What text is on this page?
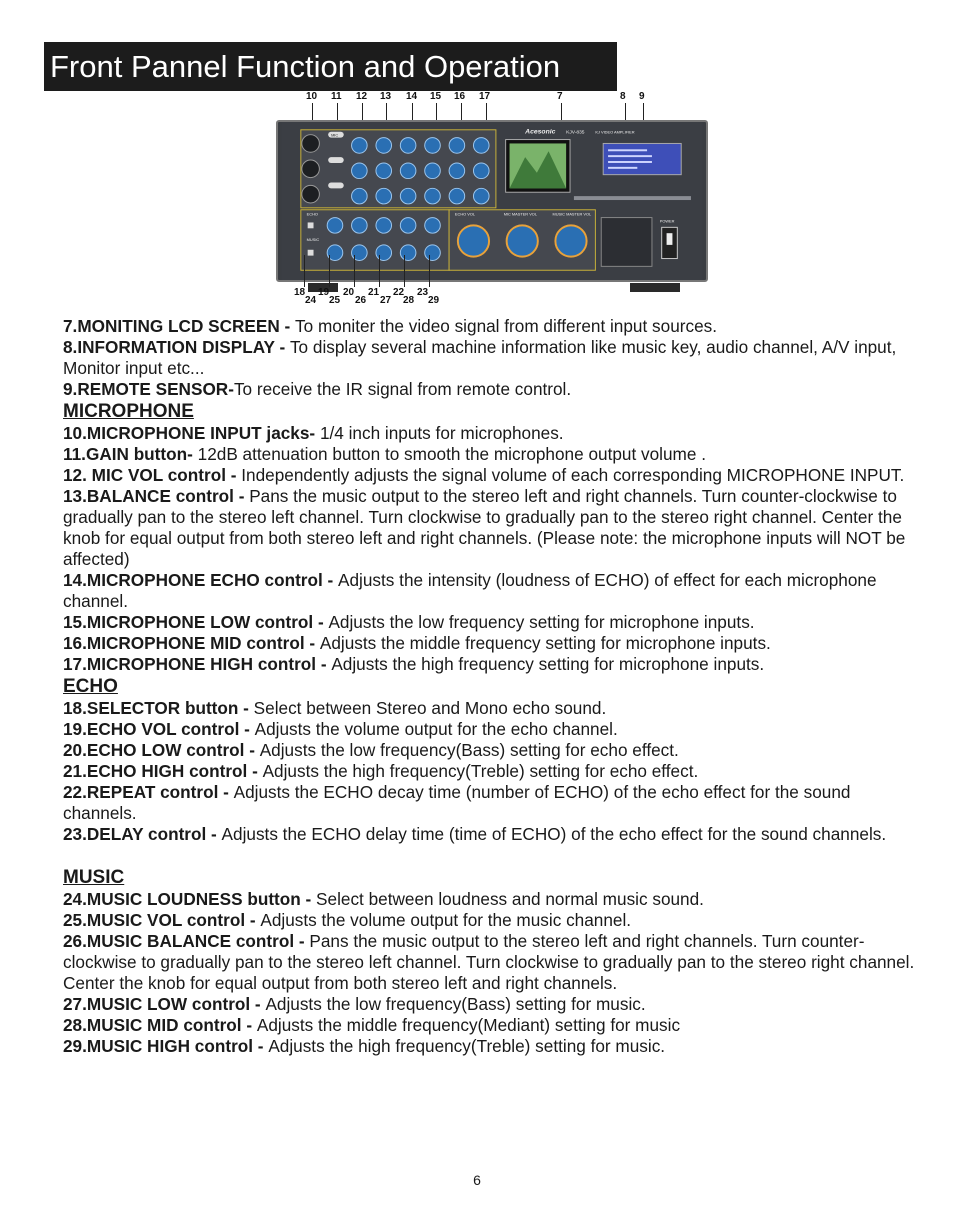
Front Pannel Function and Operation
10 11 12 13 14 15 16 17	7	8 9
MIC	Acesonic KJV-835	KJ VIDEO AMPLIFIER
ECHO
MUSIC
ECHO VOL	MIC MASTER VOL	MUSIC MASTER VOL
POWER
18 19 20 21 22 23
24 25 26 27 28 29

7.MONITING LCD SCREEN - To moniter the video signal from different input sources.

8.INFORMATION DISPLAY - To display several machine information like music key, audio channel, A/V input, Monitor input etc...

9.REMOTE SENSOR-To receive the IR signal from remote control.

MICROPHONE

10.MICROPHONE INPUT jacks- 1/4 inch inputs for microphones.

11.GAIN button- 12dB attenuation button to smooth the microphone output volume .

12. MIC VOL control - Independently adjusts the signal volume of each corresponding MICROPHONE INPUT.

13.BALANCE control - Pans the music output to the stereo left and right channels. Turn counter-clockwise to gradually pan to the stereo left channel. Turn clockwise to gradually pan to the stereo right channel. Center the knob for equal output from both stereo left and right channels. (Please note: the microphone inputs will NOT be affected)

14.MICROPHONE ECHO control - Adjusts the intensity (loudness of ECHO) of effect for each microphone channel.

15.MICROPHONE LOW control - Adjusts the low frequency setting for microphone inputs.

16.MICROPHONE MID control - Adjusts the middle frequency setting for microphone inputs.

17.MICROPHONE HIGH control - Adjusts the high frequency setting for microphone inputs.

ECHO

18.SELECTOR button - Select between Stereo and Mono echo sound.

19.ECHO VOL control - Adjusts the volume output for the echo channel.

20.ECHO LOW control - Adjusts the low frequency(Bass) setting for echo effect.

21.ECHO HIGH control - Adjusts the high frequency(Treble) setting for echo effect.

22.REPEAT control - Adjusts the ECHO decay time (number of ECHO) of the echo effect for the sound channels.

23.DELAY control - Adjusts the ECHO delay time (time of ECHO) of the echo effect for the sound channels.

MUSIC

24.MUSIC LOUDNESS button - Select between loudness and normal music sound.

25.MUSIC VOL control - Adjusts the volume output for the music channel.

26.MUSIC BALANCE control - Pans the music output to the stereo left and right channels. Turn counter-clockwise to gradually pan to the stereo left channel. Turn clockwise to gradually pan to the stereo right channel. Center the knob for equal output from both stereo left and right channels.

27.MUSIC LOW control - Adjusts the low frequency(Bass) setting for music.

28.MUSIC MID control - Adjusts the middle frequency(Mediant) setting for music

29.MUSIC HIGH control - Adjusts the high frequency(Treble) setting for music.

6
